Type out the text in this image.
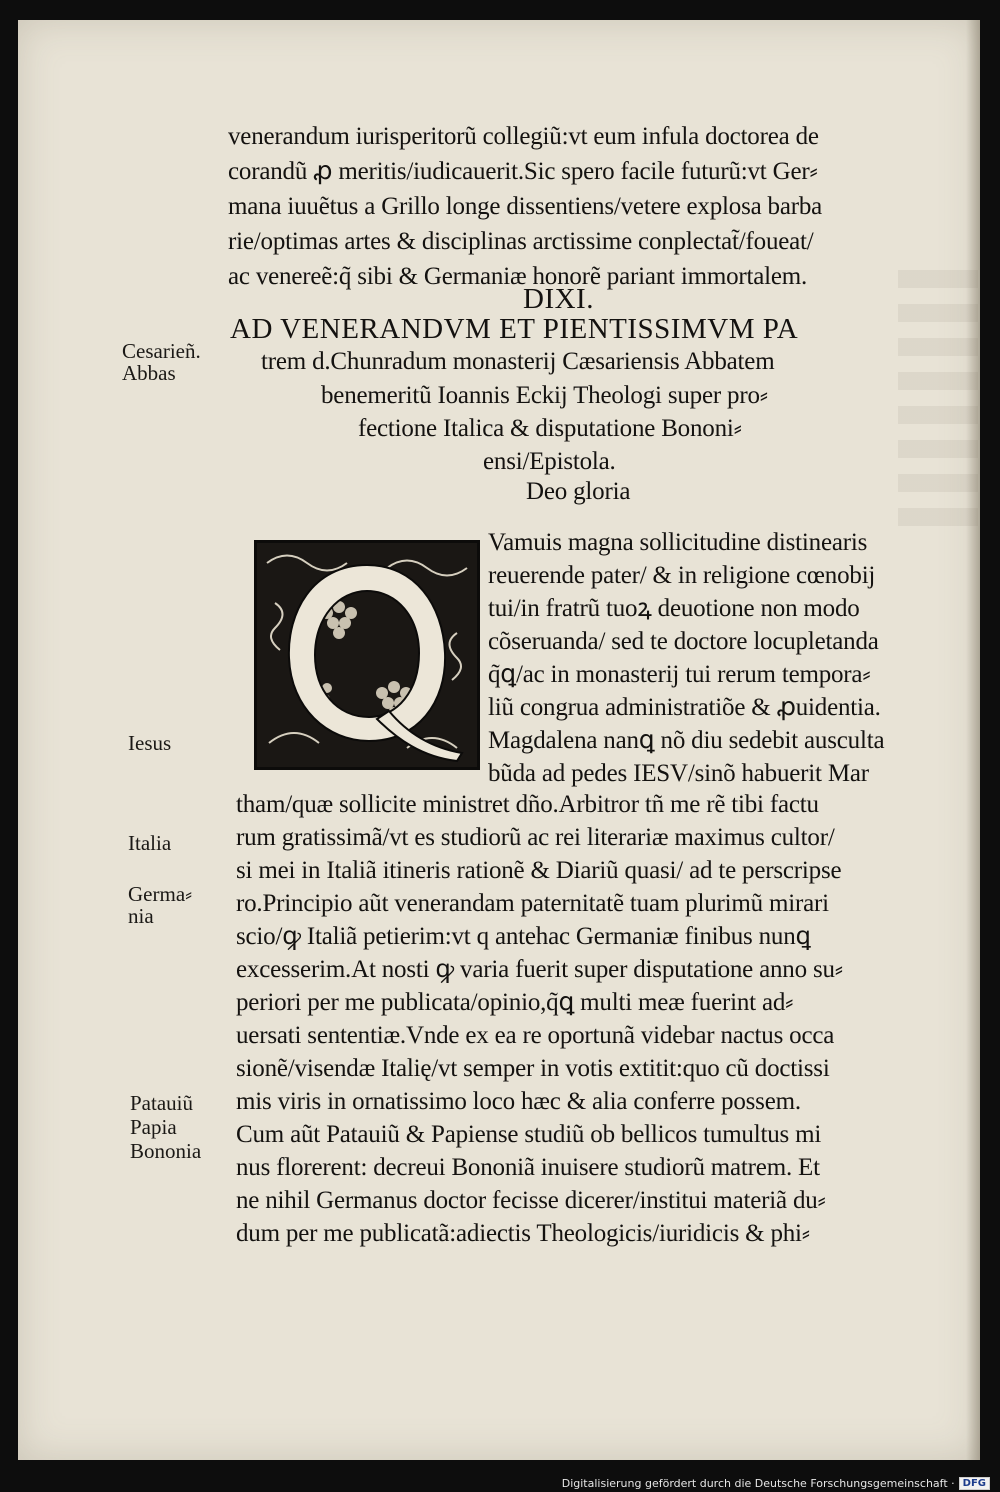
venerandum iurisperitorũ collegiũ:vt eum infula doctorea de
corandũ ꝓ meritis/iudicauerit.Sic spero facile futurũ:vt Ger⸗
mana iuuẽtus a Grillo longe dissentiens/vetere explosa barba
rie/optimas artes & disciplinas arctissime conplectat̃/foueat/
ac venereẽ:q̃ sibi & Germaniæ honorẽ pariant immortalem.
DIXI.
AD VENERANDVM ET PIENTISSIMVM PA
trem d.Chunradum monasterij Cæsariensis Abbatem
benemeritũ Ioannis Eckij Theologi super pro⸗
fectione Italica & disputatione Bononi⸗
ensi/Epistola.
Deo gloria
Vamuis magna sollicitudine distinearis
reuerende pater/ & in religione cœnobij
tui/in fratrũ tuoꝝ deuotione non modo
cõseruanda/ sed te doctore locupletanda
q̃ꝗ/ac in monasterij tui rerum tempora⸗
liũ congrua administratiõe & ꝓuidentia.
Magdalena nanꝗ nõ diu sedebit ausculta
bũda ad pedes IESV/sinõ habuerit Mar
tham/quæ sollicite ministret dño.Arbitror tñ me rẽ tibi factu
rum gratissimã/vt es studiorũ ac rei literariæ maximus cultor/
si mei in Italiã itineris rationẽ & Diariũ quasi/ ad te perscripse
ro.Principio aũt venerandam paternitatẽ tuam plurimũ mirari
scio/ꝙ Italiã petierim:vt q antehac Germaniæ finibus nunꝗ
excesserim.At nosti ꝙ varia fuerit super disputatione anno su⸗
periori per me publicata/opinio,q̃ꝗ multi meæ fuerint ad⸗
uersati sententiæ.Vnde ex ea re oportunã videbar nactus occa
sionẽ/visendæ Italię/vt semper in votis extitit:quo cũ doctissi
mis viris in ornatissimo loco hæc & alia conferre possem.
Cum aũt Patauiũ & Papiense studiũ ob bellicos tumultus mi
nus florerent: decreui Bononiã inuisere studiorũ matrem. Et
ne nihil Germanus doctor fecisse dicerer/institui materiã du⸗
dum per me publicatã:adiectis Theologicis/iuridicis & phi⸗
Cesarieñ.
Abbas
Iesus
Italia
Germa⸗
nia
Patauiũ
Papia
Bononia
Digitalisierung gefördert durch die Deutsche Forschungsgemeinschaft · DFG
